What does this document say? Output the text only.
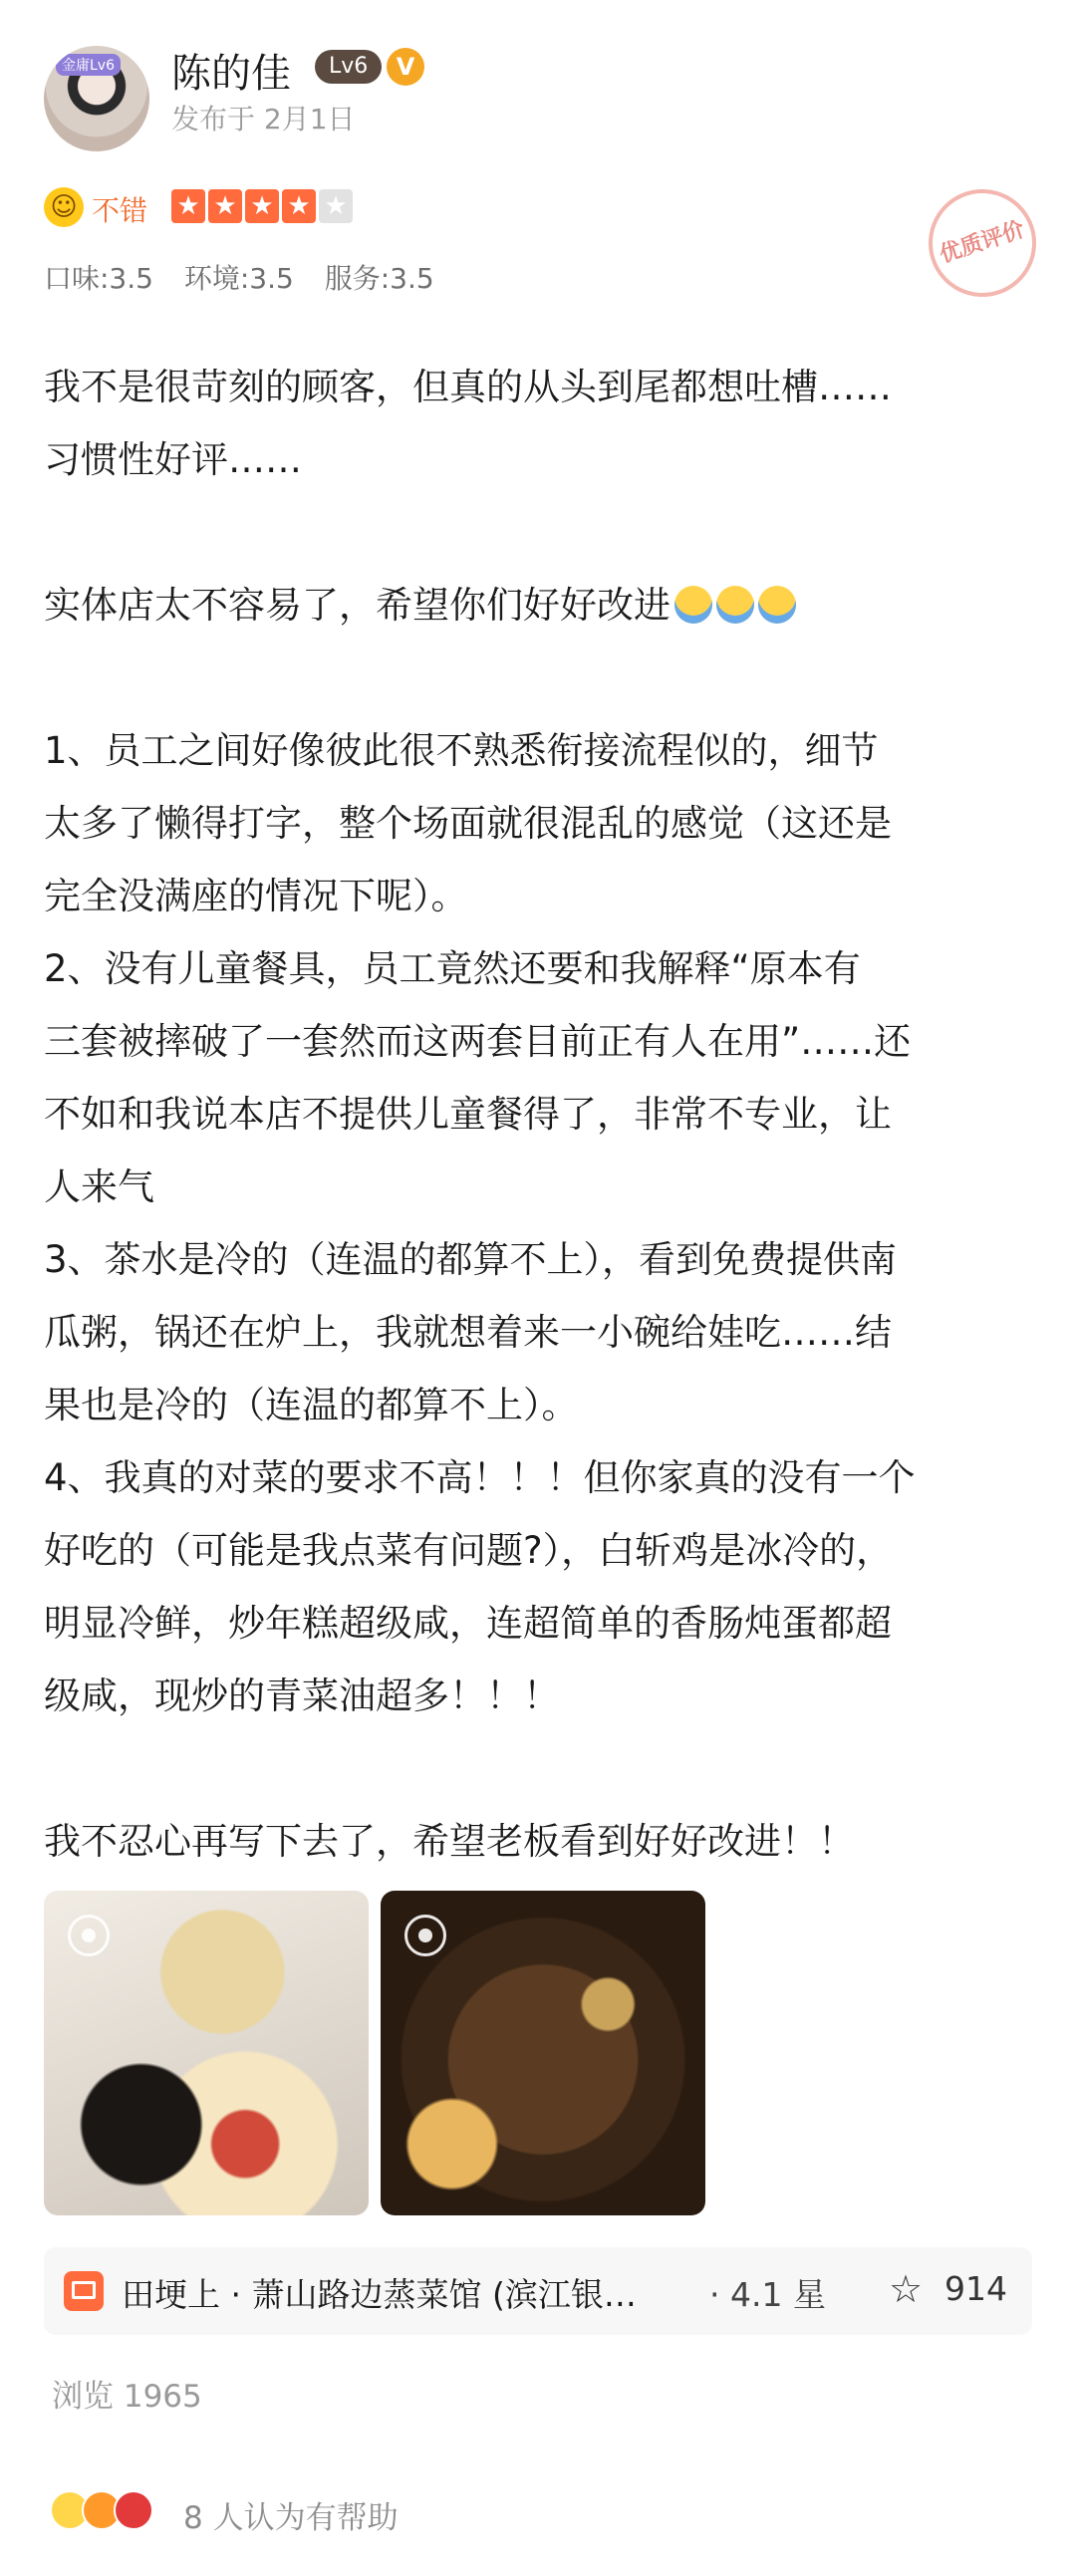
金庸Lv6 陈的佳	Lv6	V
发布于 2月1日
☺ 不错 ★ ★ ★ ★ ★
口味:3.5 环境:3.5 服务:3.5
优质评价

我不是很苛刻的顾客，但真的从头到尾都想吐槽……
习惯性好评……

实体店太不容易了，希望你们好好改进

1、员工之间好像彼此很不熟悉衔接流程似的，细节
太多了懒得打字，整个场面就很混乱的感觉（这还是
完全没满座的情况下呢）。
2、没有儿童餐具，员工竟然还要和我解释“原本有
三套被摔破了一套然而这两套目前正有人在用”……还
不如和我说本店不提供儿童餐得了，非常不专业，让
人来气
3、茶水是冷的（连温的都算不上），看到免费提供南
瓜粥，锅还在炉上，我就想着来一小碗给娃吃……结
果也是冷的（连温的都算不上）。
4、我真的对菜的要求不高！！！但你家真的没有一个
好吃的（可能是我点菜有问题?），白斩鸡是冰冷的，
明显冷鲜，炒年糕超级咸，连超简单的香肠炖蛋都超
级咸，现炒的青菜油超多！！！

我不忍心再写下去了，希望老板看到好好改进！！

田埂上 · 萧山路边蒸菜馆 (滨江银…	· 4.1 星 ☆ 914
浏览 1965
8 人认为有帮助
